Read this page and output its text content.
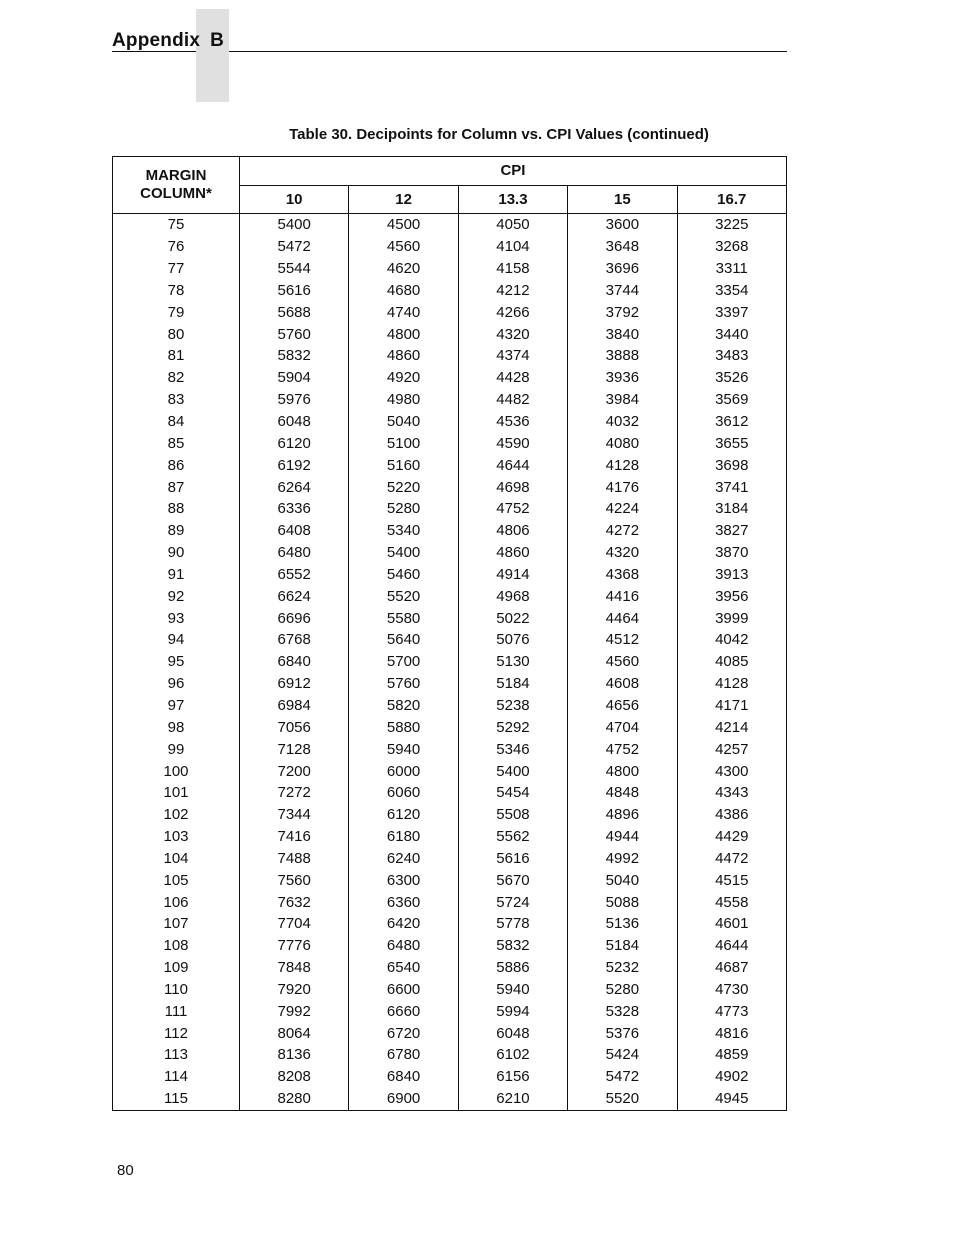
Appendix B
Table 30. Decipoints for Column vs. CPI Values (continued)
MARGIN
COLUMN*	CPI				
	10	12	13.3	15	16.7
75	5400	4500	4050	3600	3225
76	5472	4560	4104	3648	3268
77	5544	4620	4158	3696	3311
78	5616	4680	4212	3744	3354
79	5688	4740	4266	3792	3397
80	5760	4800	4320	3840	3440
81	5832	4860	4374	3888	3483
82	5904	4920	4428	3936	3526
83	5976	4980	4482	3984	3569
84	6048	5040	4536	4032	3612
85	6120	5100	4590	4080	3655
86	6192	5160	4644	4128	3698
87	6264	5220	4698	4176	3741
88	6336	5280	4752	4224	3184
89	6408	5340	4806	4272	3827
90	6480	5400	4860	4320	3870
91	6552	5460	4914	4368	3913
92	6624	5520	4968	4416	3956
93	6696	5580	5022	4464	3999
94	6768	5640	5076	4512	4042
95	6840	5700	5130	4560	4085
96	6912	5760	5184	4608	4128
97	6984	5820	5238	4656	4171
98	7056	5880	5292	4704	4214
99	7128	5940	5346	4752	4257
100	7200	6000	5400	4800	4300
101	7272	6060	5454	4848	4343
102	7344	6120	5508	4896	4386
103	7416	6180	5562	4944	4429
104	7488	6240	5616	4992	4472
105	7560	6300	5670	5040	4515
106	7632	6360	5724	5088	4558
107	7704	6420	5778	5136	4601
108	7776	6480	5832	5184	4644
109	7848	6540	5886	5232	4687
110	7920	6600	5940	5280	4730
111	7992	6660	5994	5328	4773
112	8064	6720	6048	5376	4816
113	8136	6780	6102	5424	4859
114	8208	6840	6156	5472	4902
115	8280	6900	6210	5520	4945
80
